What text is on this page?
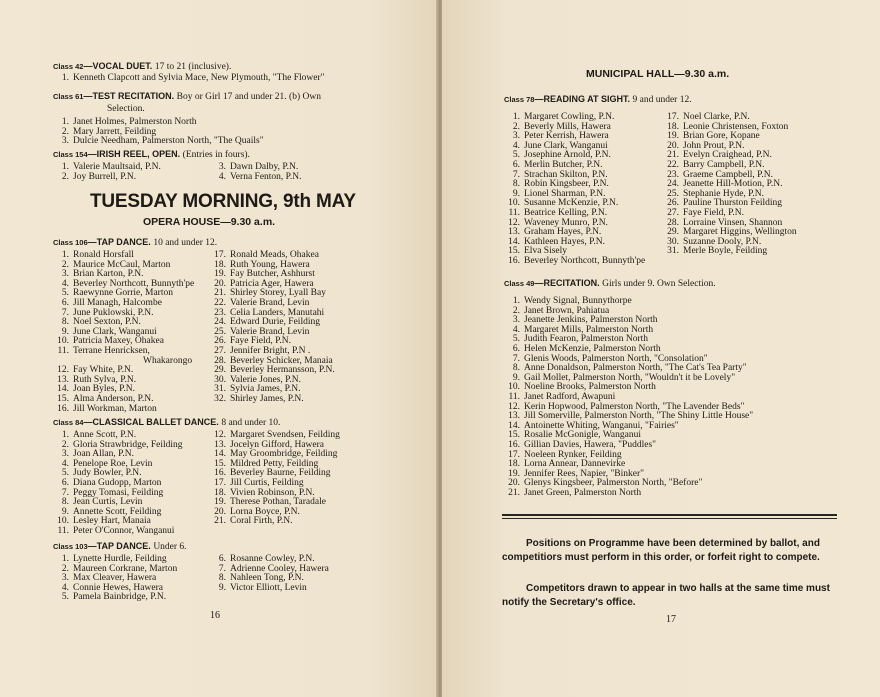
Class 42—VOCAL DUET. 17 to 21 (inclusive).
1. Kenneth Clapcott and Sylvia Mace, New Plymouth, "The Flower"
Class 61—TEST RECITATION. Boy or Girl 17 and under 21. (b) Own
Selection.
1. Janet Holmes, Palmerston North
2. Mary Jarrett, Feilding
3. Dulcie Needham, Palmerston North, "The Quails"
Class 154—IRISH REEL, OPEN. (Entries in fours).
1. Valerie Maultsaid, P.N.
2. Joy Burrell, P.N.
3. Dawn Dalby, P.N.
4. Verna Fenton, P.N.
TUESDAY MORNING, 9th MAY
OPERA HOUSE—9.30 a.m.
Class 106—TAP DANCE. 10 and under 12.
1. Ronald Horsfall
2. Maurice McCaul, Marton
3. Brian Karton, P.N.
4. Beverley Northcott, Bunnyth'pe
5. Raewynne Gorrie, Marton
6. Jill Managh, Halcombe
7. June Puklowski, P.N.
8. Noel Sexton, P.N.
9. June Clark, Wanganui
10. Patricia Maxey, Ohakea
11. Terrane Henricksen,
Whakarongo
12. Fay White, P.N.
13. Ruth Sylva, P.N.
14. Joan Byles, P.N.
15. Alma Anderson, P.N.
16. Jill Workman, Marton
17. Ronald Meads, Ohakea
18. Ruth Young, Hawera
19. Fay Butcher, Ashhurst
20. Patricia Ager, Hawera
21. Shirley Storey, Lyall Bay
22. Valerie Brand, Levin
23. Celia Landers, Manutahi
24. Edward Durie, Feilding
25. Valerie Brand, Levin
26. Faye Field, P.N.
27. Jennifer Bright, P.N .
28. Beverley Schicker, Manaia
29. Beverley Hermansson, P.N.
30. Valerie Jones, P.N.
31. Sylvia James, P.N.
32. Shirley James, P.N.
Class 84—CLASSICAL BALLET DANCE. 8 and under 10.
1. Anne Scott, P.N.
2. Gloria Strawbridge, Feilding
3. Joan Allan, P.N.
4. Penelope Roe, Levin
5. Judy Bowler, P.N.
6. Diana Gudopp, Marton
7. Peggy Tomasi, Feilding
8. Jean Curtis, Levin
9. Annette Scott, Feilding
10. Lesley Hart, Manaia
11. Peter O'Connor, Wanganui
12. Margaret Svendsen, Feilding
13. Jocelyn Gifford, Hawera
14. May Groombridge, Feilding
15. Mildred Petty, Feilding
16. Beverley Baurne, Feilding
17. Jill Curtis, Feilding
18. Vivien Robinson, P.N.
19. Therese Pothan, Taradale
20. Lorna Boyce, P.N.
21. Coral Firth, P.N.
Class 103—TAP DANCE. Under 6.
1. Lynette Hurdle, Feilding
2. Maureen Corkrane, Marton
3. Max Cleaver, Hawera
4. Connie Hewes, Hawera
5. Pamela Bainbridge, P.N.
6. Rosanne Cowley, P.N.
7. Adrienne Cooley, Hawera
8. Nahleen Tong, P.N.
9. Victor Elliott, Levin
16
MUNICIPAL HALL—9.30 a.m.
Class 78—READING AT SIGHT. 9 and under 12.
1. Margaret Cowling, P.N.
2. Beverly Mills, Hawera
3. Peter Kerrish, Hawera
4. June Clark, Wanganui
5. Josephine Arnold, P.N.
6. Merlin Butcher, P.N.
7. Strachan Skilton, P.N.
8. Robin Kingsbeer, P.N.
9. Lionel Sharman, P.N.
10. Susanne McKenzie, P.N.
11. Beatrice Kelling, P.N.
12. Waveney Munro, P.N.
13. Graham Hayes, P.N.
14. Kathleen Hayes, P.N.
15. Elva Sisely
16. Beverley Northcott, Bunnyth'pe
17. Noel Clarke, P.N.
18. Leonie Christensen, Foxton
19. Brian Gore, Kopane
20. John Prout, P.N.
21. Evelyn Craighead, P.N.
22. Barry Campbell, P.N.
23. Graeme Campbell, P.N.
24. Jeanette Hill-Motion, P.N.
25. Stephanie Hyde, P.N.
26. Pauline Thurston Feilding
27. Faye Field, P.N.
28. Lorraine Vinsen, Shannon
29. Margaret Higgins, Wellington
30. Suzanne Dooly, P.N.
31. Merle Boyle, Feilding
Class 49—RECITATION. Girls under 9. Own Selection.
1. Wendy Signal, Bunnythorpe
2. Janet Brown, Pahiatua
3. Jeanette Jenkins, Palmerston North
4. Margaret Mills, Palmerston North
5. Judith Fearon, Palmerston North
6. Helen McKenzie, Palmerston North
7. Glenis Woods, Palmerston North, "Consolation"
8. Anne Donaldson, Palmerston North, "The Cat's Tea Party"
9. Gail Mollet, Palmerston North, "Wouldn't it be Lovely"
10. Noeline Brooks, Palmerston North
11. Janet Radford, Awapuni
12. Kerin Hopwood, Palmerston North, "The Lavender Beds"
13. Jill Somerville, Palmerston North, "The Shiny Little House"
14. Antoinette Whiting, Wanganui, "Fairies"
15. Rosalie McGonigle, Wanganui
16. Gillian Davies, Hawera, "Puddles"
17. Noeleen Rynker, Feilding
18. Lorna Annear, Dannevirke
19. Jennifer Rees, Napier, "Binker"
20. Glenys Kingsbeer, Palmerston North, "Before"
21. Janet Green, Palmerston North
Positions on Programme have been determined by ballot, and competitiors must perform in this order, or forfeit right to compete.
Competitors drawn to appear in two halls at the same time must notify the Secretary's office.
17
